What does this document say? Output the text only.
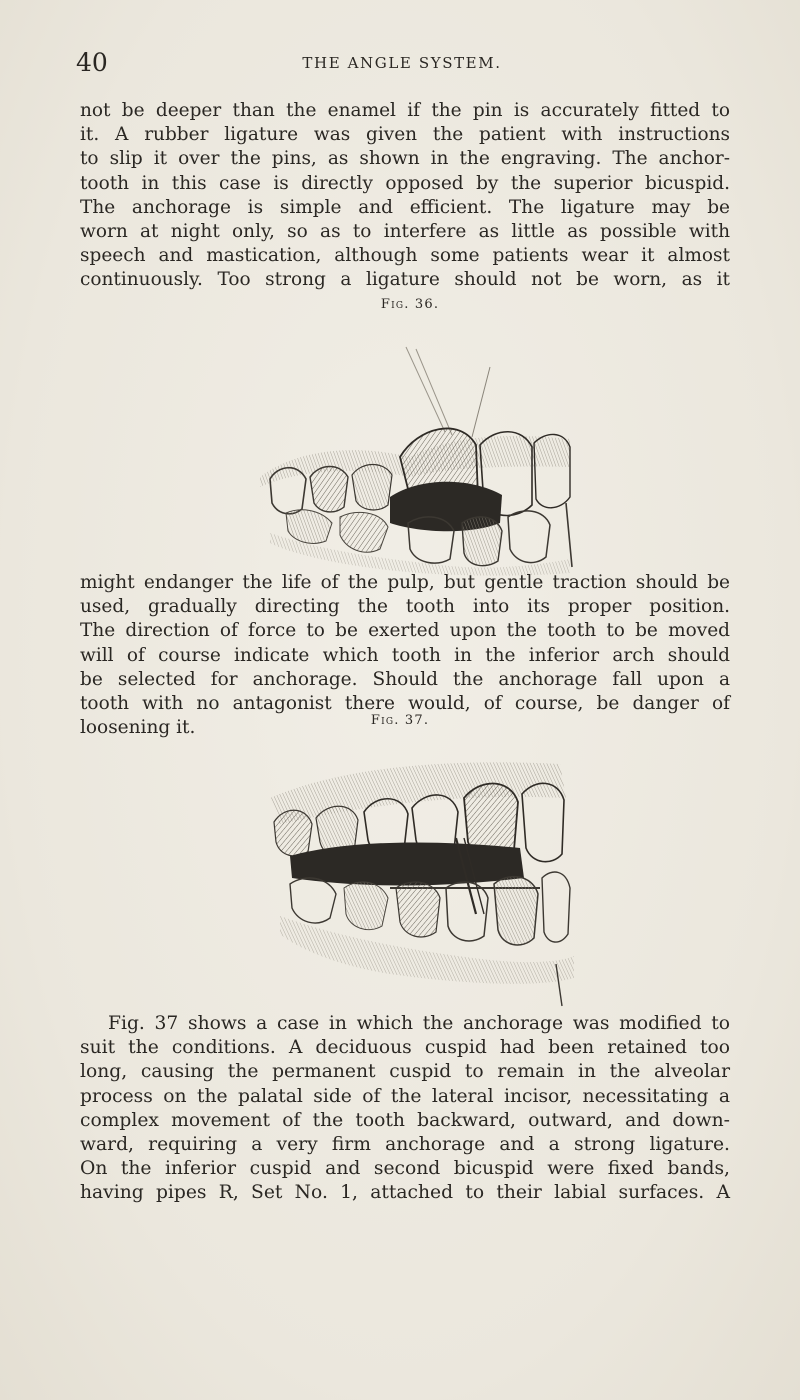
40	THE ANGLE SYSTEM.

not be deeper than the enamel if the pin is accurately fitted to
it. A rubber ligature was given the patient with instructions
to slip it over the pins, as shown in the engraving. The anchor-
tooth in this case is directly opposed by the superior bicuspid.
The anchorage is simple and efficient. The ligature may be
worn at night only, so as to interfere as little as possible with
speech and mastication, although some patients wear it almost
continuously. Too strong a ligature should not be worn, as it

Fig. 36.

might endanger the life of the pulp, but gentle traction should be
used, gradually directing the tooth into its proper position.
The direction of force to be exerted upon the tooth to be moved
will of course indicate which tooth in the inferior arch should
be selected for anchorage. Should the anchorage fall upon a
tooth with no antagonist there would, of course, be danger of
loosening it.	Fig. 37.

Fig. 37 shows a case in which the anchorage was modified to
suit the conditions. A deciduous cuspid had been retained too
long, causing the permanent cuspid to remain in the alveolar
process on the palatal side of the lateral incisor, necessitating a
complex movement of the tooth backward, outward, and down-
ward, requiring a very firm anchorage and a strong ligature.
On the inferior cuspid and second bicuspid were fixed bands,
having pipes R, Set No. 1, attached to their labial surfaces. A
